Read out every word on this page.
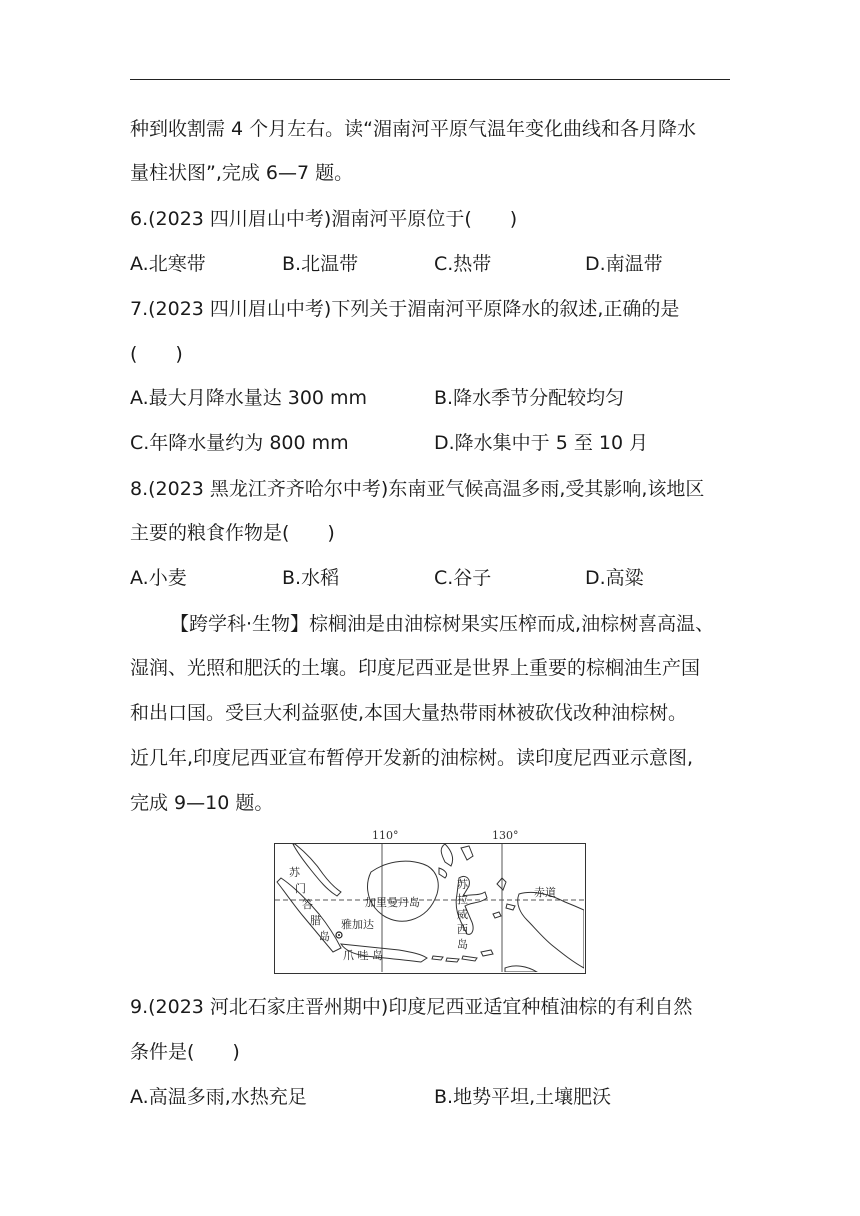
种到收割需 4 个月左右。读“湄南河平原气温年变化曲线和各月降水
量柱状图”,完成 6—7 题。
6.(2023 四川眉山中考)湄南河平原位于(　　)
A.北寒带	B.北温带	C.热带	D.南温带
7.(2023 四川眉山中考)下列关于湄南河平原降水的叙述,正确的是
(　　)
A.最大月降水量达 300 mm	B.降水季节分配较均匀
C.年降水量约为 800 mm	D.降水集中于 5 至 10 月
8.(2023 黑龙江齐齐哈尔中考)东南亚气候高温多雨,受其影响,该地区
主要的粮食作物是(　　)
A.小麦	B.水稻	C.谷子	D.高粱
【跨学科·生物】棕榈油是由油棕树果实压榨而成,油棕树喜高温、
湿润、光照和肥沃的土壤。印度尼西亚是世界上重要的棕榈油生产国
和出口国。受巨大利益驱使,本国大量热带雨林被砍伐改种油棕树。
近几年,印度尼西亚宣布暂停开发新的油棕树。读印度尼西亚示意图,
完成 9—10 题。
110°	130°
赤道
苏
门
答
腊
岛
加里曼丹岛
苏
拉
威
西
岛
雅加达
爪 哇 岛
9.(2023 河北石家庄晋州期中)印度尼西亚适宜种植油棕的有利自然
条件是(　　)
A.高温多雨,水热充足	B.地势平坦,土壤肥沃
